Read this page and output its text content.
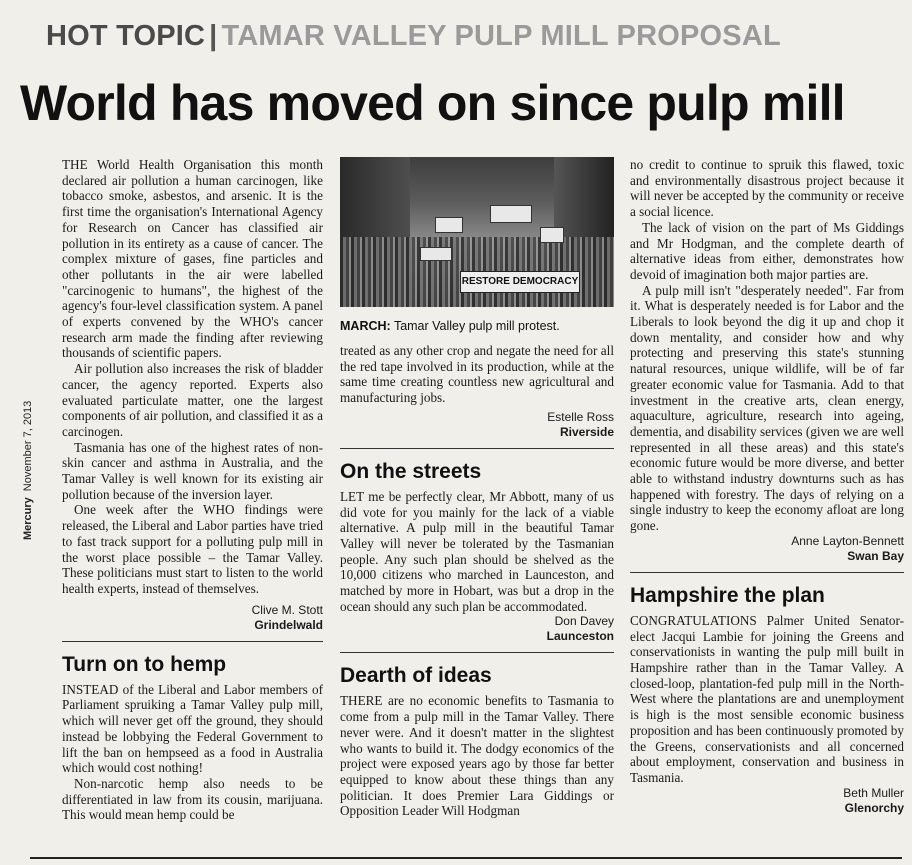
HOT TOPIC | TAMAR VALLEY PULP MILL PROPOSAL
World has moved on since pulp mill
MercuryNovember 7, 2013

THE World Health Organisation this month declared air pollution a human carcinogen, like tobacco smoke, asbestos, and arsenic. It is the first time the organisation's International Agency for Research on Cancer has classified air pollution in its entirety as a cause of cancer. The complex mixture of gases, fine particles and other pollutants in the air were labelled "carcinogenic to humans", the highest of the agency's four-level classification system. A panel of experts convened by the WHO's cancer research arm made the finding after reviewing thousands of scientific papers.

Air pollution also increases the risk of bladder cancer, the agency reported. Experts also evaluated particulate matter, one the largest components of air pollution, and classified it as a carcinogen.

Tasmania has one of the highest rates of non-skin cancer and asthma in Australia, and the Tamar Valley is well known for its existing air pollution because of the inversion layer.

One week after the WHO findings were released, the Liberal and Labor parties have tried to fast track support for a polluting pulp mill in the worst place possible – the Tamar Valley. These politicians must start to listen to the world health experts, instead of themselves.

Clive M. Stott
Grindelwald
Turn on to hemp

INSTEAD of the Liberal and Labor members of Parliament spruiking a Tamar Valley pulp mill, which will never get off the ground, they should instead be lobbying the Federal Government to lift the ban on hempseed as a food in Australia which would cost nothing!

Non-narcotic hemp also needs to be differentiated in law from its cousin, marijuana. This would mean hemp could be

RESTORE DEMOCRACY
MARCH: Tamar Valley pulp mill protest.

treated as any other crop and negate the need for all the red tape involved in its production, while at the same time creating countless new agricultural and manufacturing jobs.

Estelle Ross
Riverside
On the streets

LET me be perfectly clear, Mr Abbott, many of us did vote for you mainly for the lack of a viable alternative. A pulp mill in the beautiful Tamar Valley will never be tolerated by the Tasmanian people. Any such plan should be shelved as the 10,000 citizens who marched in Launceston, and matched by more in Hobart, was but a drop in the ocean should any such plan be accommodated.

Don Davey
Launceston
Dearth of ideas

THERE are no economic benefits to Tasmania to come from a pulp mill in the Tamar Valley. There never were. And it doesn't matter in the slightest who wants to build it. The dodgy economics of the project were exposed years ago by those far better equipped to know about these things than any politician. It does Premier Lara Giddings or Opposition Leader Will Hodgman

no credit to continue to spruik this flawed, toxic and environmentally disastrous project because it will never be accepted by the community or receive a social licence.

The lack of vision on the part of Ms Giddings and Mr Hodgman, and the complete dearth of alternative ideas from either, demonstrates how devoid of imagination both major parties are.

A pulp mill isn't "desperately needed". Far from it. What is desperately needed is for Labor and the Liberals to look beyond the dig it up and chop it down mentality, and consider how and why protecting and preserving this state's stunning natural resources, unique wildlife, will be of far greater economic value for Tasmania. Add to that investment in the creative arts, clean energy, aquaculture, agriculture, research into ageing, dementia, and disability services (given we are well represented in all these areas) and this state's economic future would be more diverse, and better able to withstand industry downturns such as has happened with forestry. The days of relying on a single industry to keep the economy afloat are long gone.

Anne Layton-Bennett
Swan Bay
Hampshire the plan

CONGRATULATIONS Palmer United Senator-elect Jacqui Lambie for joining the Greens and conservationists in wanting the pulp mill built in Hampshire rather than in the Tamar Valley. A closed-loop, plantation-fed pulp mill in the North-West where the plantations are and unemployment is high is the most sensible economic business proposition and has been continuously promoted by the Greens, conservationists and all concerned about employment, conservation and business in Tasmania.

Beth Muller
Glenorchy
